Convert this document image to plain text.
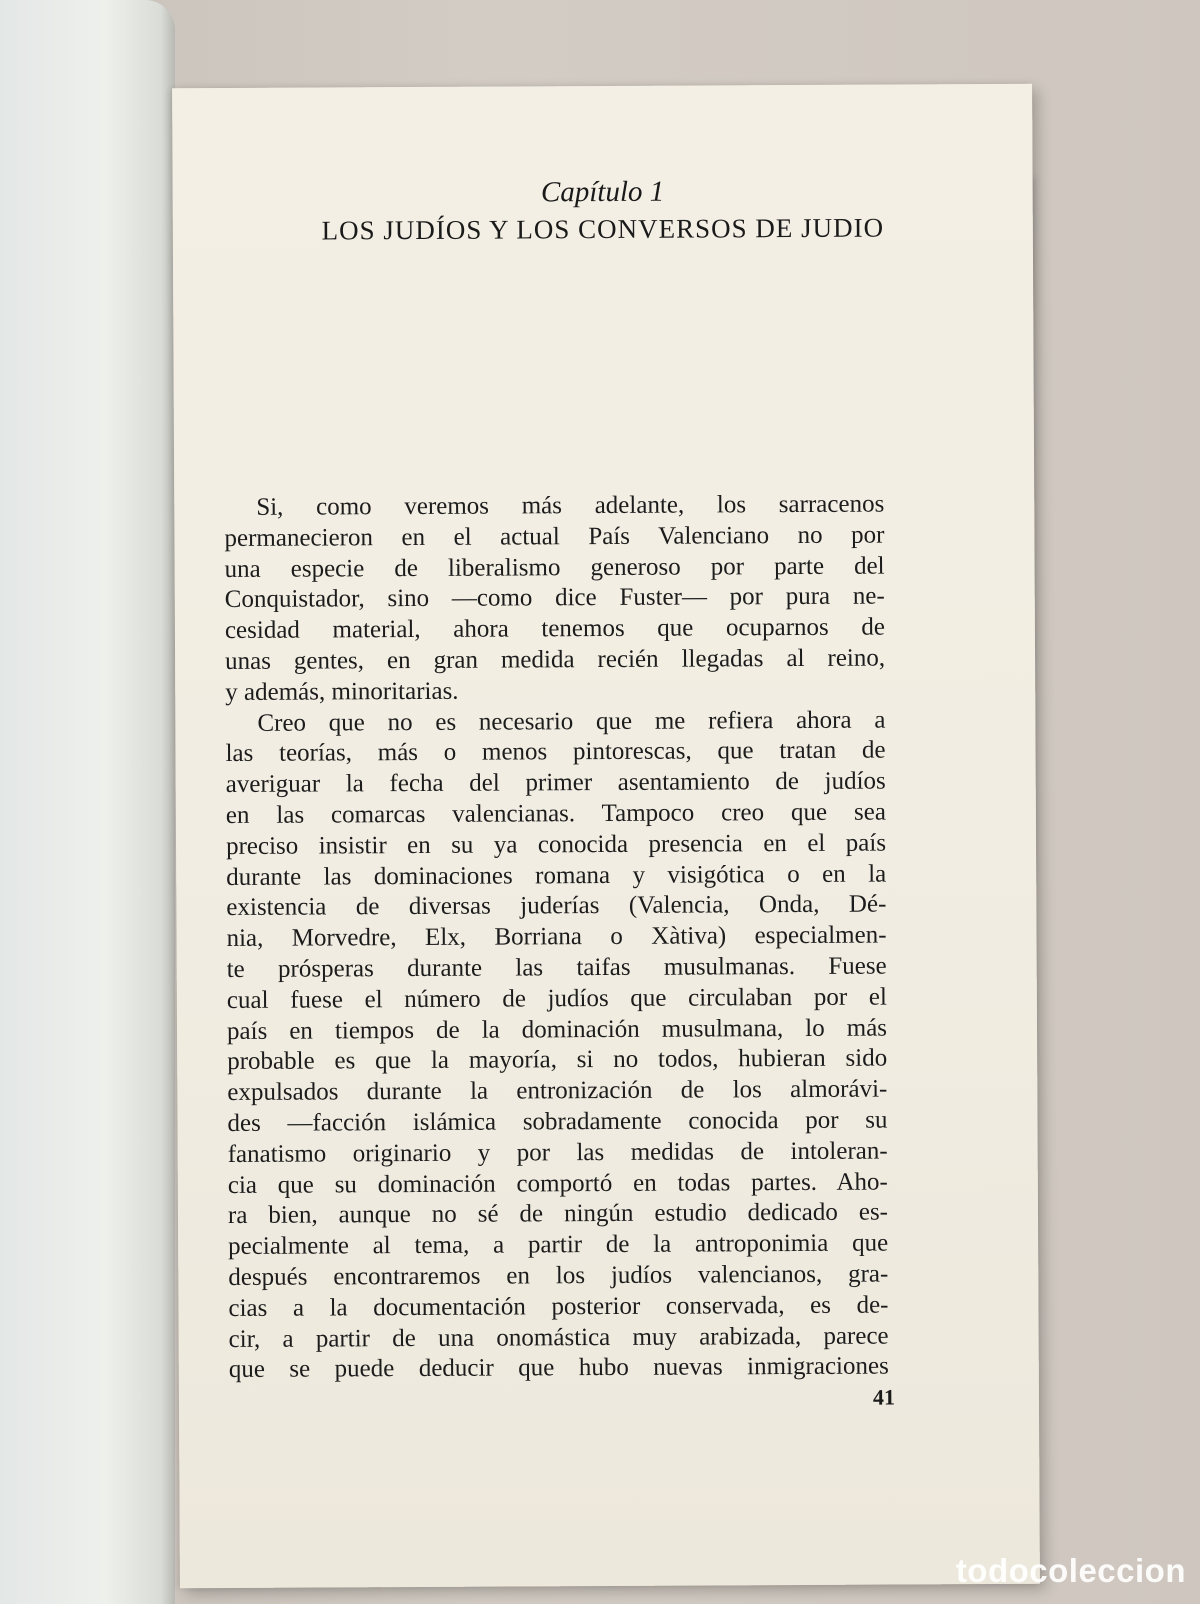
Capítulo 1
LOS JUDÍOS Y LOS CONVERSOS DE JUDIO
Si, como veremos más adelante, los sarracenos
permanecieron en el actual País Valenciano no por
una especie de liberalismo generoso por parte del
Conquistador, sino —como dice Fuster— por pura ne-
cesidad material, ahora tenemos que ocuparnos de
unas gentes, en gran medida recién llegadas al reino,
y además, minoritarias.
Creo que no es necesario que me refiera ahora a
las teorías, más o menos pintorescas, que tratan de
averiguar la fecha del primer asentamiento de judíos
en las comarcas valencianas. Tampoco creo que sea
preciso insistir en su ya conocida presencia en el país
durante las dominaciones romana y visigótica o en la
existencia de diversas juderías (Valencia, Onda, Dé-
nia, Morvedre, Elx, Borriana o Xàtiva) especialmen-
te prósperas durante las taifas musulmanas. Fuese
cual fuese el número de judíos que circulaban por el
país en tiempos de la dominación musulmana, lo más
probable es que la mayoría, si no todos, hubieran sido
expulsados durante la entronización de los almorávi-
des —facción islámica sobradamente conocida por su
fanatismo originario y por las medidas de intoleran-
cia que su dominación comportó en todas partes. Aho-
ra bien, aunque no sé de ningún estudio dedicado es-
pecialmente al tema, a partir de la antroponimia que
después encontraremos en los judíos valencianos, gra-
cias a la documentación posterior conservada, es de-
cir, a partir de una onomástica muy arabizada, parece
que se puede deducir que hubo nuevas inmigraciones
41
todocoleccion
